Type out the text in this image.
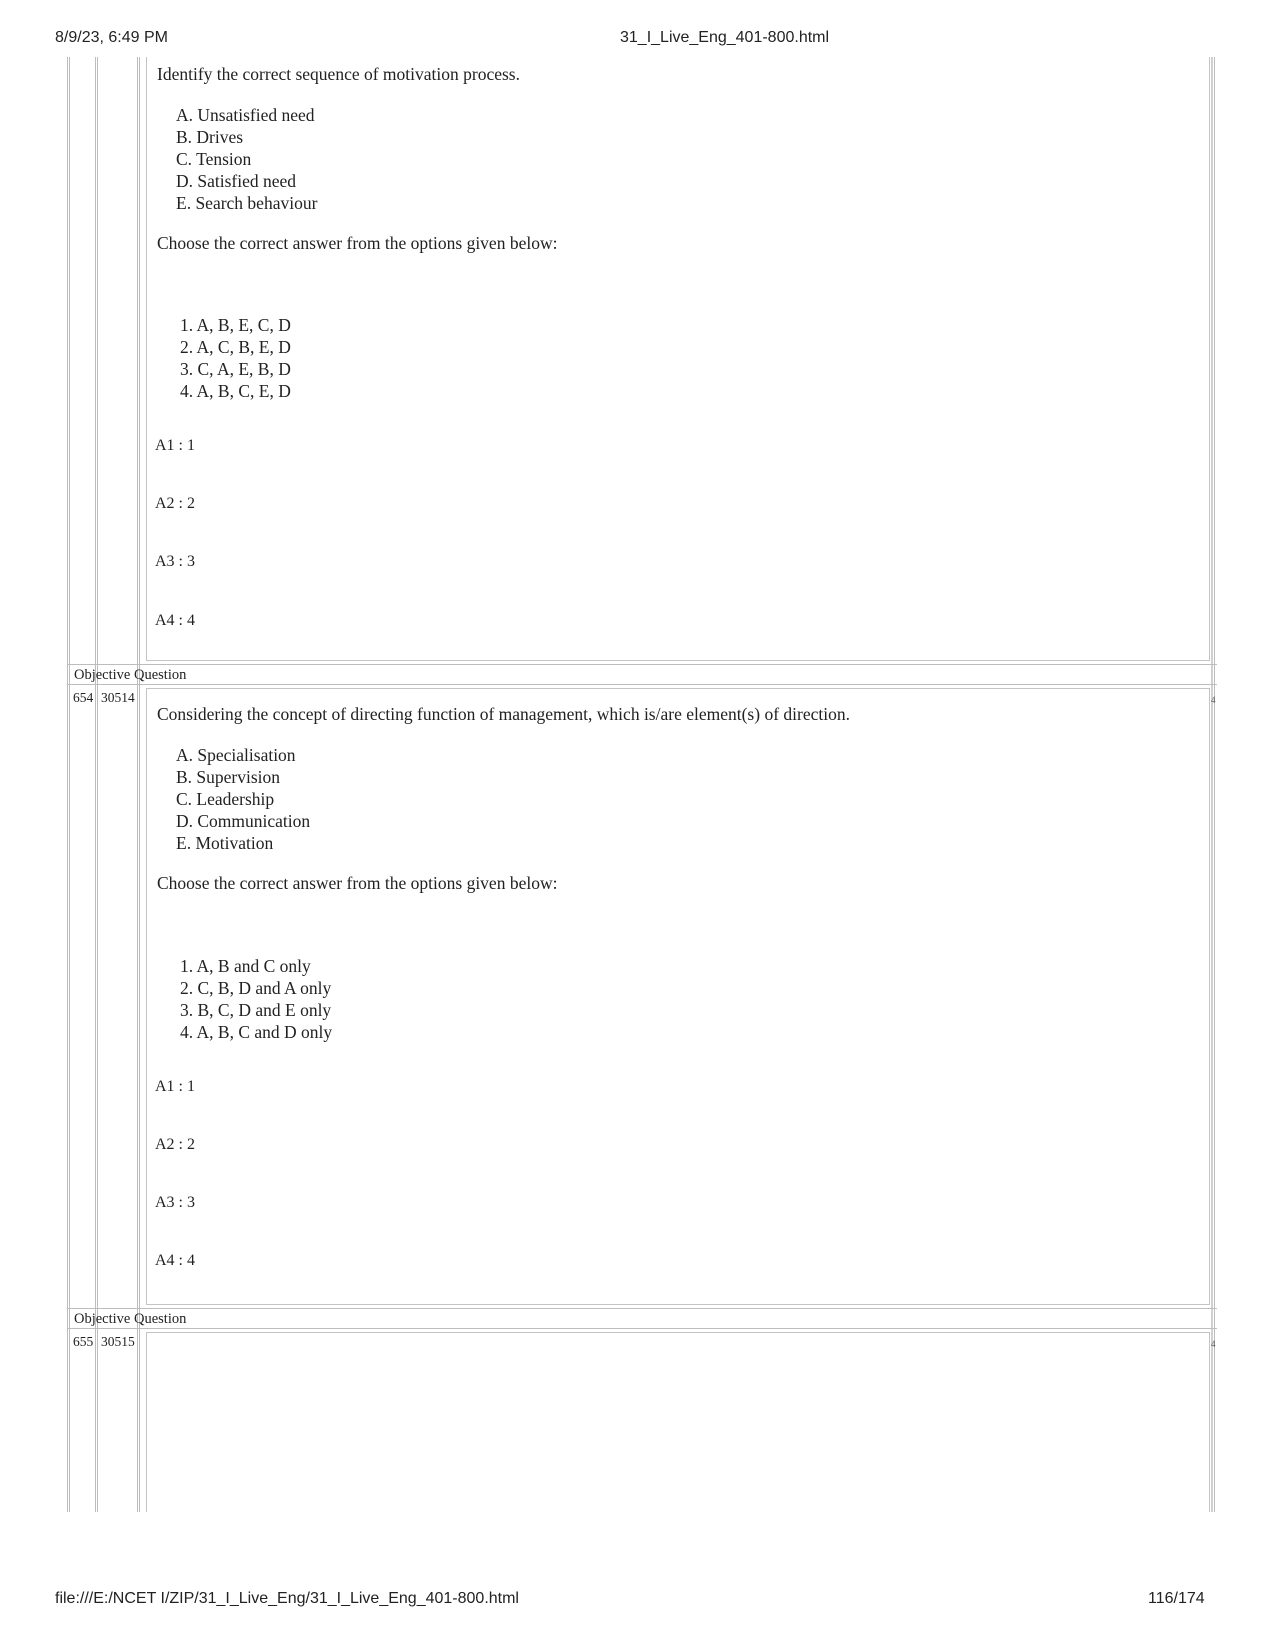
8/9/23, 6:49 PM	31_I_Live_Eng_401-800.html
Identify the correct sequence of motivation process.
A. Unsatisfied need
B. Drives
C. Tension
D. Satisfied need
E. Search behaviour
Choose the correct answer from the options given below:
1. A, B, E, C, D
2. A, C, B, E, D
3. C, A, E, B, D
4. A, B, C, E, D
A1 : 1
A2 : 2
A3 : 3
A4 : 4
Objective Question
654 30514	4
Considering the concept of directing function of management, which is/are element(s) of direction.
A. Specialisation
B. Supervision
C. Leadership
D. Communication
E. Motivation
Choose the correct answer from the options given below:
1. A, B and C only
2. C, B, D and A only
3. B, C, D and E only
4. A, B, C and D only
A1 : 1
A2 : 2
A3 : 3
A4 : 4
Objective Question
655 30515	4
file:///E:/NCET I/ZIP/31_I_Live_Eng/31_I_Live_Eng_401-800.html	116/174
